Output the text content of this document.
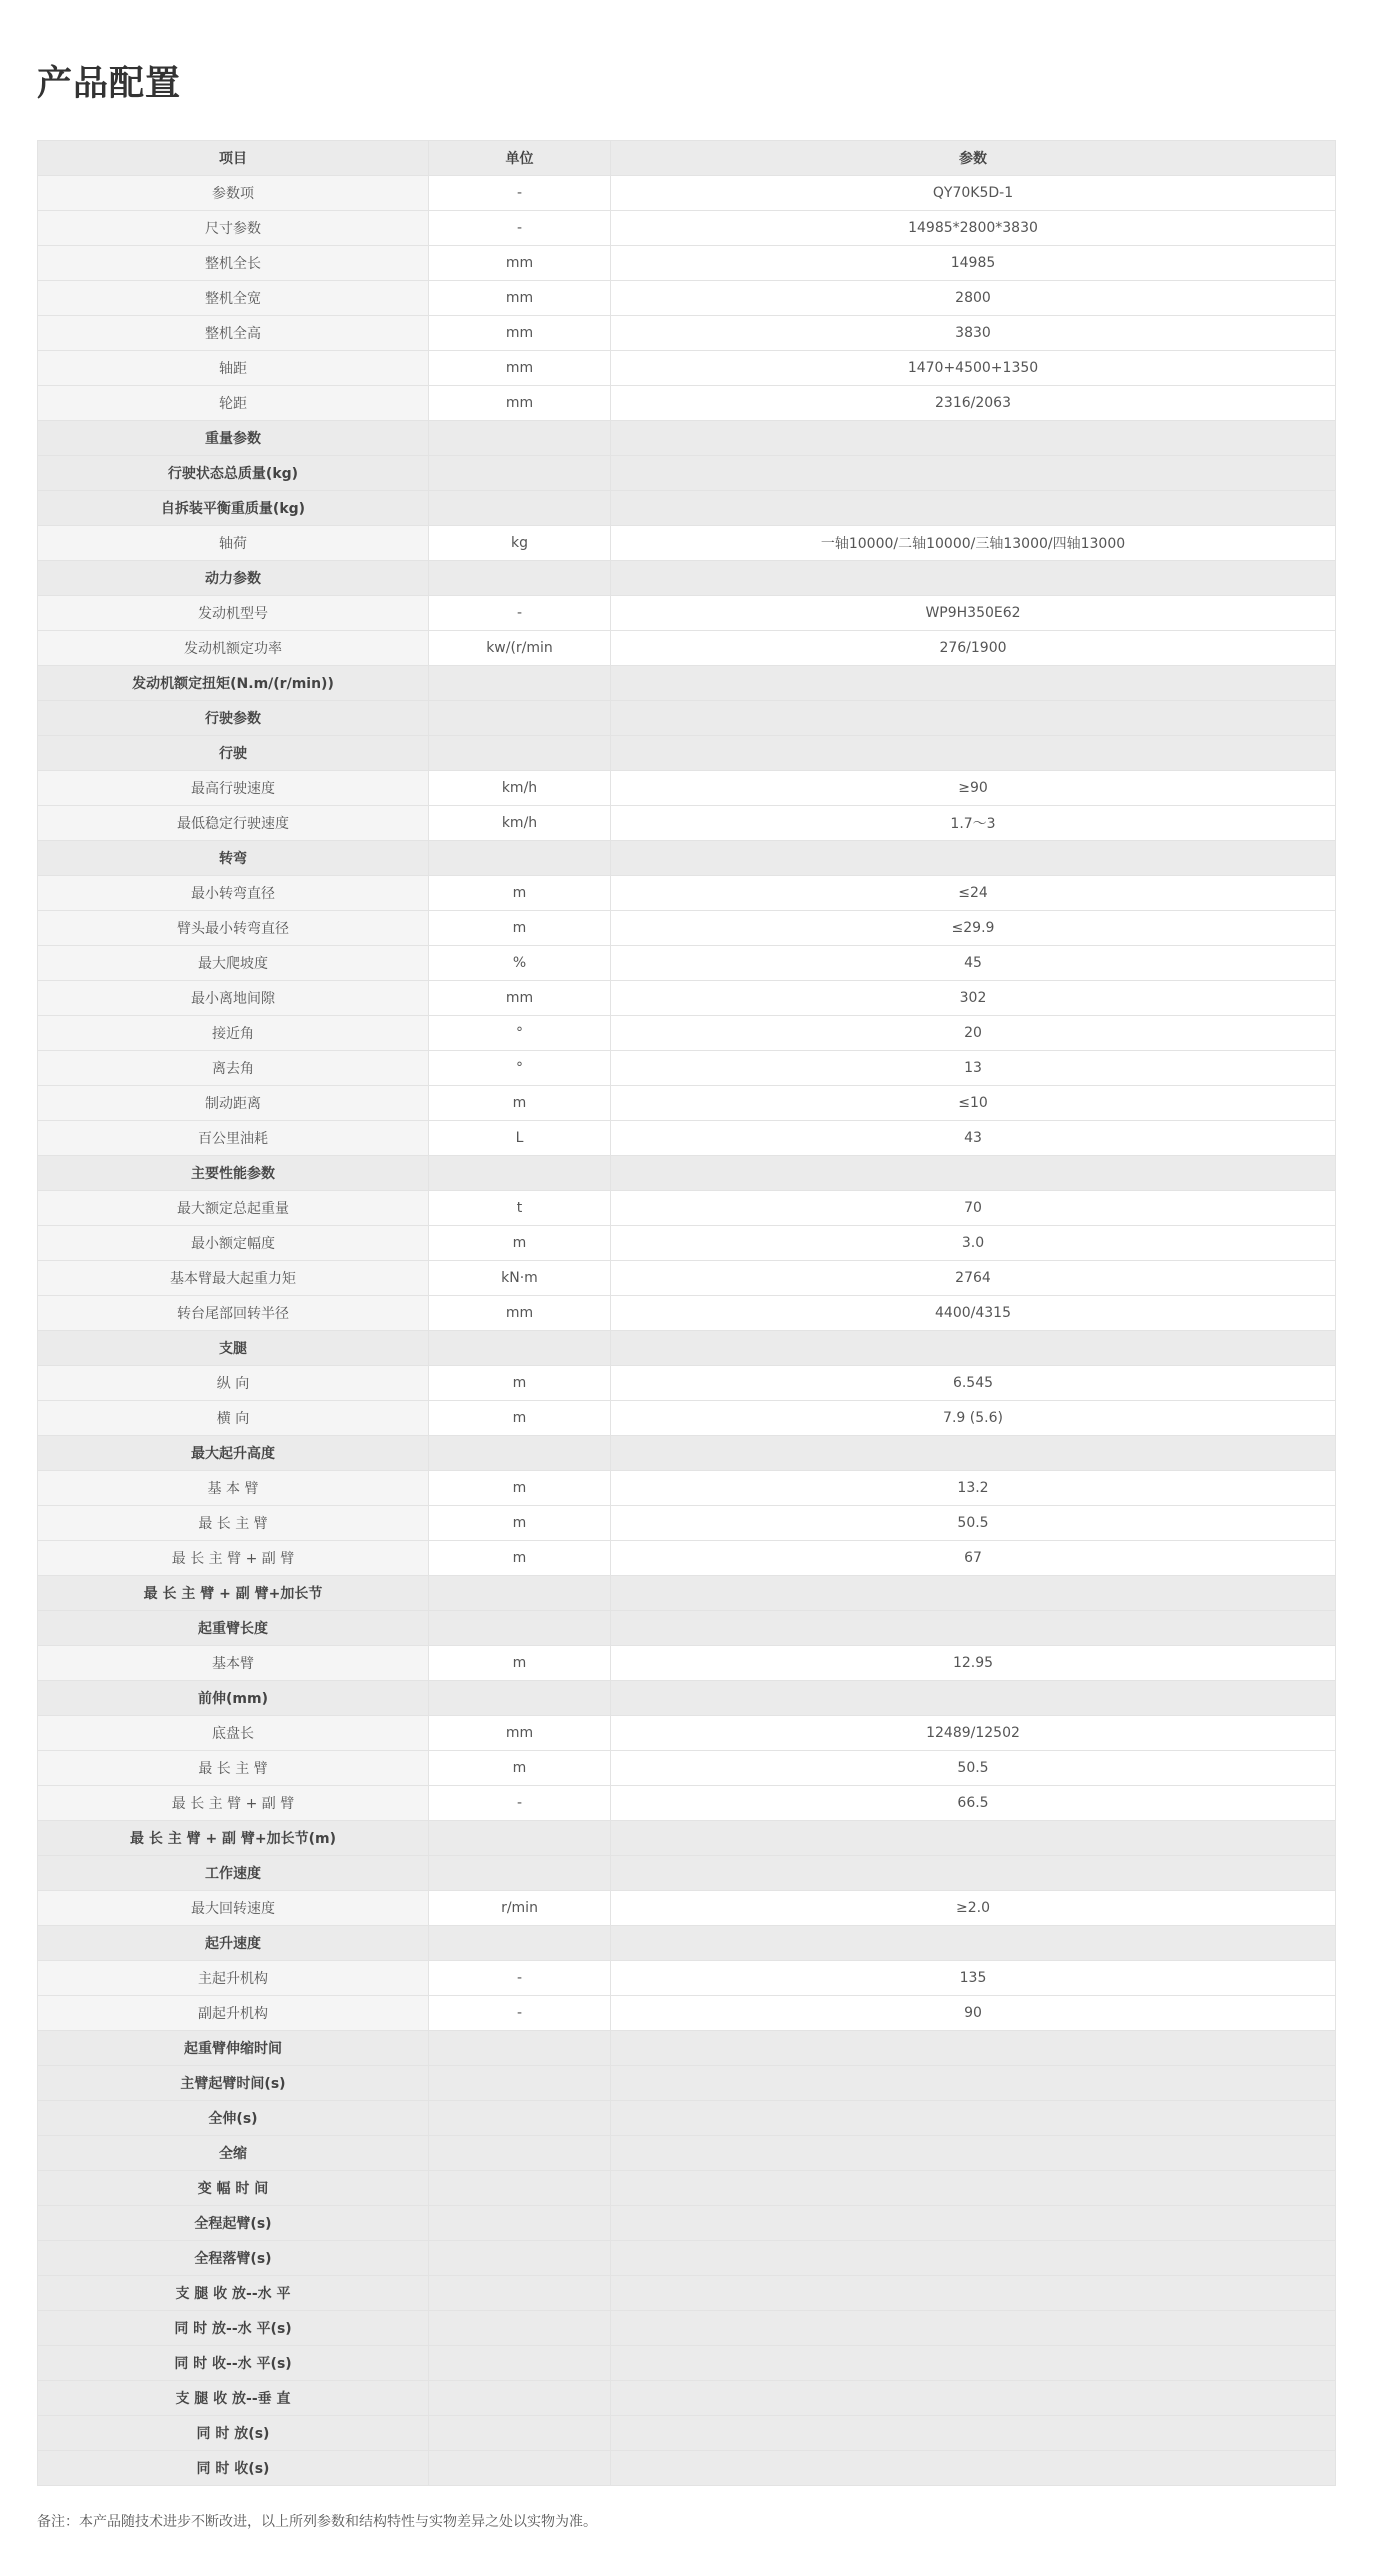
产品配置
项目	单位	参数
参数项	-	QY70K5D-1
尺寸参数	-	14985*2800*3830
整机全长	mm	14985
整机全宽	mm	2800
整机全高	mm	3830
轴距	mm	1470+4500+1350
轮距	mm	2316/2063
重量参数		
行驶状态总质量(kg)		
自拆装平衡重质量(kg)		
轴荷	kg	一轴10000/二轴10000/三轴13000/四轴13000
动力参数		
发动机型号	-	WP9H350E62
发动机额定功率	kw/(r/min	276/1900
发动机额定扭矩(N.m/(r/min))		
行驶参数		
行驶		
最高行驶速度	km/h	≥90
最低稳定行驶速度	km/h	1.7～3
转弯		
最小转弯直径	m	≤24
臂头最小转弯直径	m	≤29.9
最大爬坡度	%	45
最小离地间隙	mm	302
接近角	°	20
离去角	°	13
制动距离	m	≤10
百公里油耗	L	43
主要性能参数		
最大额定总起重量	t	70
最小额定幅度	m	3.0
基本臂最大起重力矩	kN·m	2764
转台尾部回转半径	mm	4400/4315
支腿		
纵 向	m	6.545
横 向	m	7.9 (5.6)
最大起升高度		
基 本 臂	m	13.2
最 长 主 臂	m	50.5
最 长 主 臂 + 副 臂	m	67
最 长 主 臂 + 副 臂+加长节		
起重臂长度		
基本臂	m	12.95
前伸(mm)		
底盘长	mm	12489/12502
最 长 主 臂	m	50.5
最 长 主 臂 + 副 臂	-	66.5
最 长 主 臂 + 副 臂+加长节(m)		
工作速度		
最大回转速度	r/min	≥2.0
起升速度		
主起升机构	-	135
副起升机构	-	90
起重臂伸缩时间		
主臂起臂时间(s)		
全伸(s)		
全缩		
变 幅 时 间		
全程起臂(s)		
全程落臂(s)		
支 腿 收 放--水 平		
同 时 放--水 平(s)		
同 时 收--水 平(s)		
支 腿 收 放--垂 直		
同 时 放(s)		
同 时 收(s)		
备注：本产品随技术进步不断改进，以上所列参数和结构特性与实物差异之处以实物为准。
